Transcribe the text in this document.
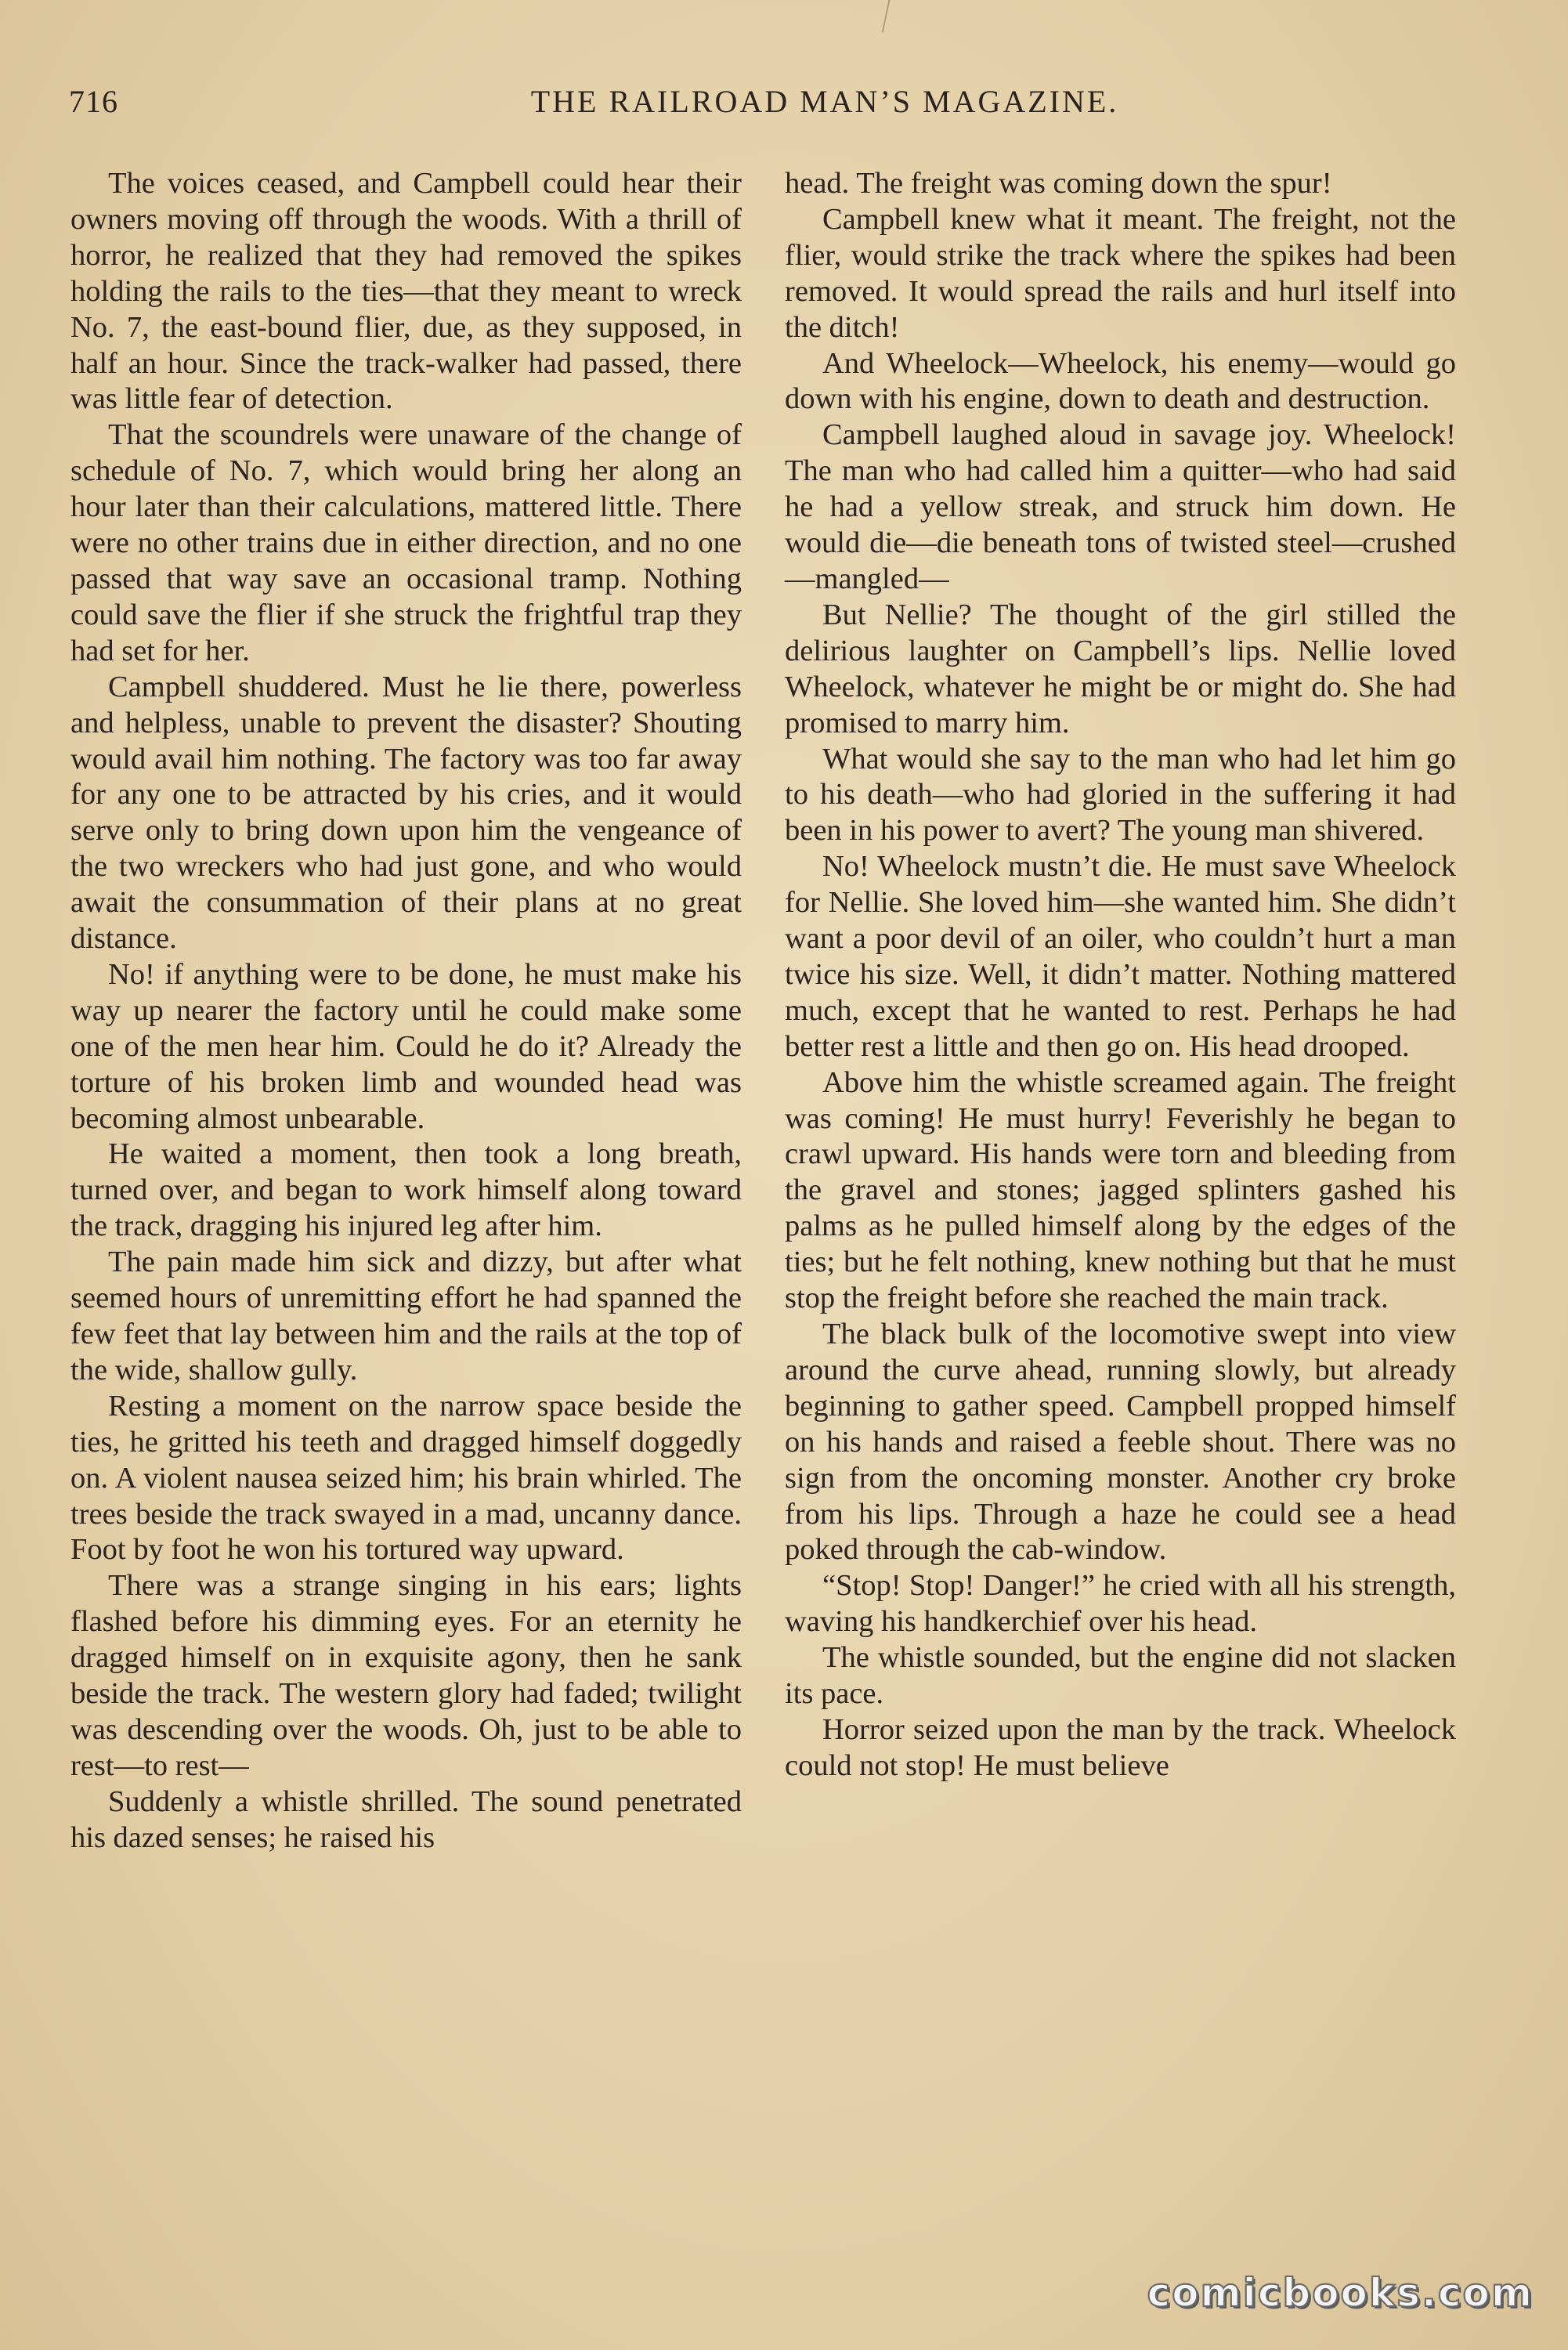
716	THE RAILROAD MAN’S MAGAZINE.

The voices ceased, and Campbell could hear their owners moving off through the woods. With a thrill of horror, he realized that they had removed the spikes holding the rails to the ties—that they meant to wreck No. 7, the east-bound flier, due, as they supposed, in half an hour. Since the track-walker had passed, there was little fear of detection.

That the scoundrels were unaware of the change of schedule of No. 7, which would bring her along an hour later than their calculations, mattered little. There were no other trains due in either direction, and no one passed that way save an occasional tramp. Nothing could save the flier if she struck the frightful trap they had set for her.

Campbell shuddered. Must he lie there, powerless and helpless, unable to prevent the disaster? Shouting would avail him nothing. The factory was too far away for any one to be attracted by his cries, and it would serve only to bring down upon him the vengeance of the two wreckers who had just gone, and who would await the consummation of their plans at no great distance.

No! if anything were to be done, he must make his way up nearer the factory until he could make some one of the men hear him. Could he do it? Already the torture of his broken limb and wounded head was becoming almost unbearable.

He waited a moment, then took a long breath, turned over, and began to work himself along toward the track, dragging his injured leg after him.

The pain made him sick and dizzy, but after what seemed hours of unremitting effort he had spanned the few feet that lay between him and the rails at the top of the wide, shallow gully.

Resting a moment on the narrow space beside the ties, he gritted his teeth and dragged himself doggedly on. A violent nausea seized him; his brain whirled. The trees beside the track swayed in a mad, uncanny dance. Foot by foot he won his tortured way upward.

There was a strange singing in his ears; lights flashed before his dimming eyes. For an eternity he dragged himself on in exquisite agony, then he sank beside the track. The western glory had faded; twilight was descending over the woods. Oh, just to be able to rest—to rest—

Suddenly a whistle shrilled. The sound penetrated his dazed senses; he raised his

head. The freight was coming down the spur!

Campbell knew what it meant. The freight, not the flier, would strike the track where the spikes had been removed. It would spread the rails and hurl itself into the ditch!

And Wheelock—Wheelock, his enemy—would go down with his engine, down to death and destruction.

Campbell laughed aloud in savage joy. Wheelock! The man who had called him a quitter—who had said he had a yellow streak, and struck him down. He would die—die beneath tons of twisted steel—crushed—mangled—

But Nellie? The thought of the girl stilled the delirious laughter on Campbell’s lips. Nellie loved Wheelock, whatever he might be or might do. She had promised to marry him.

What would she say to the man who had let him go to his death—who had gloried in the suffering it had been in his power to avert? The young man shivered.

No! Wheelock mustn’t die. He must save Wheelock for Nellie. She loved him—she wanted him. She didn’t want a poor devil of an oiler, who couldn’t hurt a man twice his size. Well, it didn’t matter. Nothing mattered much, except that he wanted to rest. Perhaps he had better rest a little and then go on. His head drooped.

Above him the whistle screamed again. The freight was coming! He must hurry! Feverishly he began to crawl upward. His hands were torn and bleeding from the gravel and stones; jagged splinters gashed his palms as he pulled himself along by the edges of the ties; but he felt nothing, knew nothing but that he must stop the freight before she reached the main track.

The black bulk of the locomotive swept into view around the curve ahead, running slowly, but already beginning to gather speed. Campbell propped himself on his hands and raised a feeble shout. There was no sign from the oncoming monster. Another cry broke from his lips. Through a haze he could see a head poked through the cab-window.

“Stop! Stop! Danger!” he cried with all his strength, waving his handkerchief over his head.

The whistle sounded, but the engine did not slacken its pace.

Horror seized upon the man by the track. Wheelock could not stop! He must believe

comicbooks.com
